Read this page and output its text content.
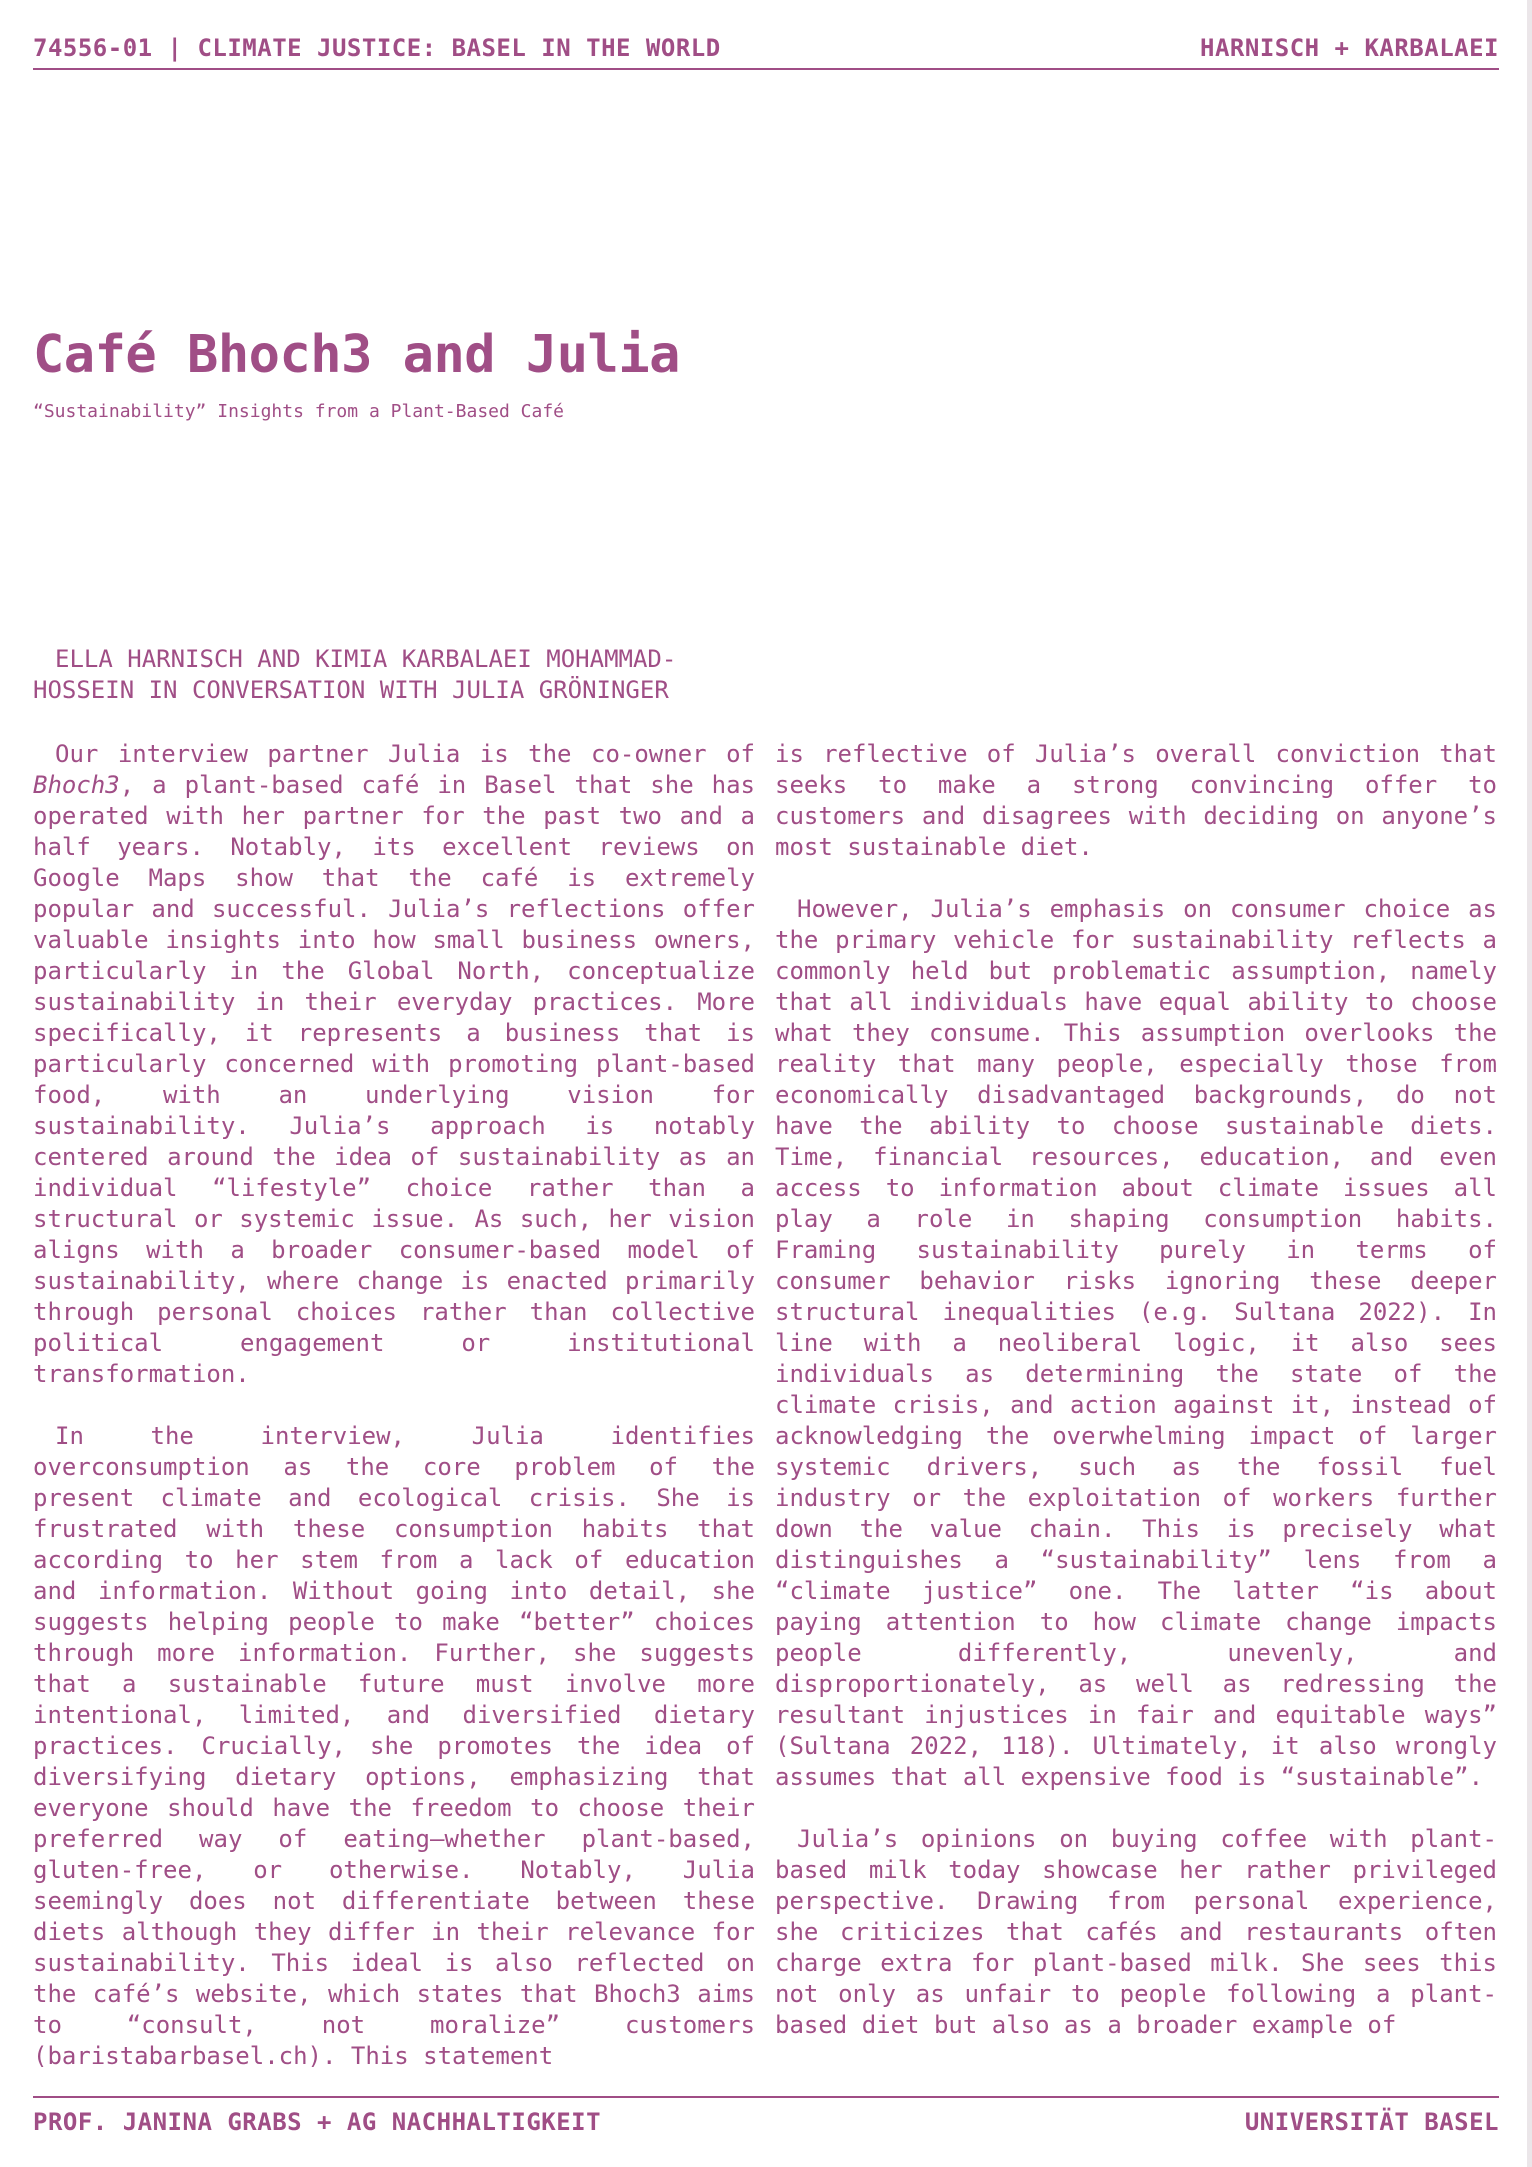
74556-01 | CLIMATE JUSTICE: BASEL IN THE WORLD	HARNISCH + KARBALAEI
Café Bhoch3 and Julia

“Sustainability” Insights from a Plant-Based Café

ELLA HARNISCH AND KIMIA KARBALAEI MOHAMMAD-HOSSEIN IN CONVERSATION WITH JULIA GRÖNINGER

Our interview partner Julia is the co-owner of Bhoch3, a plant-based café in Basel that she has operated with her partner for the past two and a half years. Notably, its excellent reviews on Google Maps show that the café is extremely popular and successful. Julia’s reflections offer valuable insights into how small business owners, particularly in the Global North, conceptualize sustainability in their everyday practices. More specifically, it represents a business that is particularly concerned with promoting plant-based food, with an underlying vision for sustainability. Julia’s approach is notably centered around the idea of sustainability as an individual “lifestyle” choice rather than a structural or systemic issue. As such, her vision aligns with a broader consumer-based model of sustainability, where change is enacted primarily through personal choices rather than collective political engagement or institutional transformation.

In the interview, Julia identifies overconsumption as the core problem of the present climate and ecological crisis. She is frustrated with these consumption habits that according to her stem from a lack of education and information. Without going into detail, she suggests helping people to make “better” choices through more information. Further, she suggests that a sustainable future must involve more intentional, limited, and diversified dietary practices. Crucially, she promotes the idea of diversifying dietary options, emphasizing that everyone should have the freedom to choose their preferred way of eating—whether plant-based, gluten-free, or otherwise. Notably, Julia seemingly does not differentiate between these diets although they differ in their relevance for sustainability. This ideal is also reflected on the café’s website, which states that Bhoch3 aims to “consult, not moralize” customers (baristabarbasel.ch). This statement

is reflective of Julia’s overall conviction that seeks to make a strong convincing offer to customers and disagrees with deciding on anyone’s most sustainable diet.

However, Julia’s emphasis on consumer choice as the primary vehicle for sustainability reflects a commonly held but problematic assumption, namely that all individuals have equal ability to choose what they consume. This assumption overlooks the reality that many people, especially those from economically disadvantaged backgrounds, do not have the ability to choose sustainable diets. Time, financial resources, education, and even access to information about climate issues all play a role in shaping consumption habits. Framing sustainability purely in terms of consumer behavior risks ignoring these deeper structural inequalities (e.g. Sultana 2022). In line with a neoliberal logic, it also sees individuals as determining the state of the climate crisis, and action against it, instead of acknowledging the overwhelming impact of larger systemic drivers, such as the fossil fuel industry or the exploitation of workers further down the value chain. This is precisely what distinguishes a “sustainability” lens from a “climate justice” one. The latter “is about paying attention to how climate change impacts people differently, unevenly, and disproportionately, as well as redressing the resultant injustices in fair and equitable ways” (Sultana 2022, 118). Ultimately, it also wrongly assumes that all expensive food is “sustainable”.

Julia’s opinions on buying coffee with plant-based milk today showcase her rather privileged perspective. Drawing from personal experience, she criticizes that cafés and restaurants often charge extra for plant-based milk. She sees this not only as unfair to people following a plant-based diet but also as a broader example of

PROF. JANINA GRABS + AG NACHHALTIGKEIT	UNIVERSITÄT BASEL
